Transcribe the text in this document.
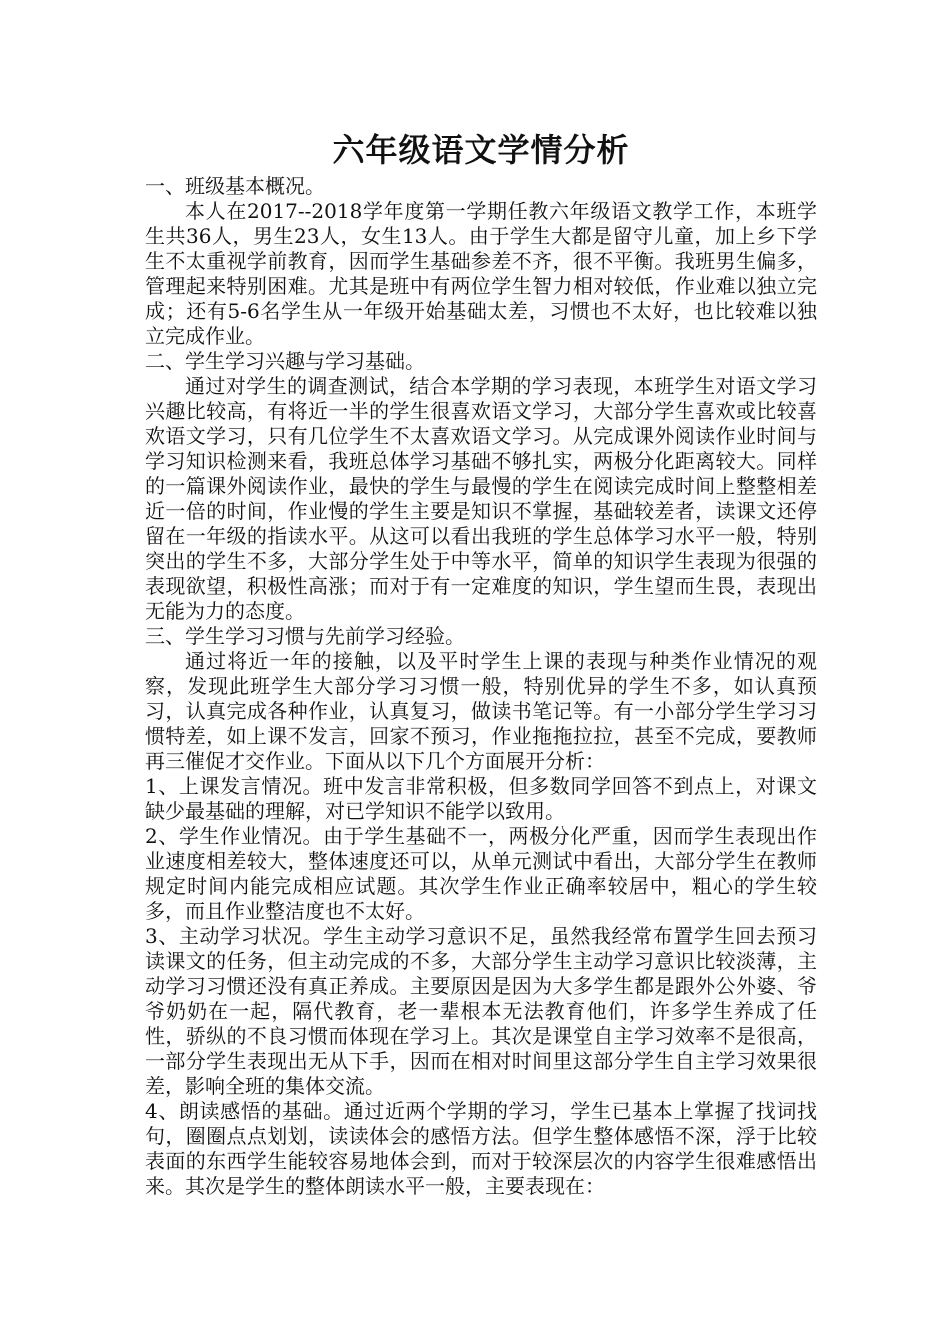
六年级语文学情分析

一、班级基本概况。

本人在2017--2018学年度第一学期任教六年级语文教学工作，本班学生共36人，男生23人，女生13人。由于学生大都是留守儿童，加上乡下学生不太重视学前教育，因而学生基础参差不齐，很不平衡。我班男生偏多，管理起来特别困难。尤其是班中有两位学生智力相对较低，作业难以独立完成；还有5-6名学生从一年级开始基础太差，习惯也不太好，也比较难以独立完成作业。

二、学生学习兴趣与学习基础。

通过对学生的调查测试，结合本学期的学习表现，本班学生对语文学习兴趣比较高，有将近一半的学生很喜欢语文学习，大部分学生喜欢或比较喜欢语文学习，只有几位学生不太喜欢语文学习。从完成课外阅读作业时间与学习知识检测来看，我班总体学习基础不够扎实，两极分化距离较大。同样的一篇课外阅读作业，最快的学生与最慢的学生在阅读完成时间上整整相差近一倍的时间，作业慢的学生主要是知识不掌握，基础较差者，读课文还停留在一年级的指读水平。从这可以看出我班的学生总体学习水平一般，特别突出的学生不多，大部分学生处于中等水平，简单的知识学生表现为很强的表现欲望，积极性高涨；而对于有一定难度的知识，学生望而生畏，表现出无能为力的态度。

三、学生学习习惯与先前学习经验。

通过将近一年的接触，以及平时学生上课的表现与种类作业情况的观察，发现此班学生大部分学习习惯一般，特别优异的学生不多，如认真预习，认真完成各种作业，认真复习，做读书笔记等。有一小部分学生学习习惯特差，如上课不发言，回家不预习，作业拖拖拉拉，甚至不完成，要教师再三催促才交作业。下面从以下几个方面展开分析：

1、上课发言情况。班中发言非常积极，但多数同学回答不到点上，对课文缺少最基础的理解，对已学知识不能学以致用。

2、学生作业情况。由于学生基础不一，两极分化严重，因而学生表现出作业速度相差较大，整体速度还可以，从单元测试中看出，大部分学生在教师规定时间内能完成相应试题。其次学生作业正确率较居中，粗心的学生较多，而且作业整洁度也不太好。

3、主动学习状况。学生主动学习意识不足，虽然我经常布置学生回去预习读课文的任务，但主动完成的不多，大部分学生主动学习意识比较淡薄，主动学习习惯还没有真正养成。主要原因是因为大多学生都是跟外公外婆、爷爷奶奶在一起，隔代教育，老一辈根本无法教育他们，许多学生养成了任性，骄纵的不良习惯而体现在学习上。其次是课堂自主学习效率不是很高，一部分学生表现出无从下手，因而在相对时间里这部分学生自主学习效果很差，影响全班的集体交流。

4、朗读感悟的基础。通过近两个学期的学习，学生已基本上掌握了找词找句，圈圈点点划划，读读体会的感悟方法。但学生整体感悟不深，浮于比较表面的东西学生能较容易地体会到，而对于较深层次的内容学生很难感悟出来。其次是学生的整体朗读水平一般，主要表现在：
